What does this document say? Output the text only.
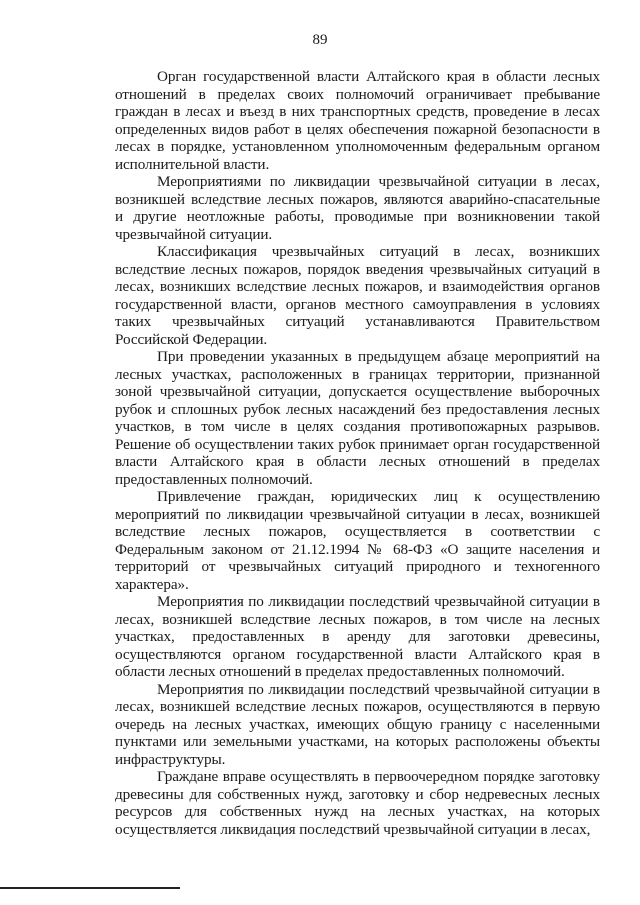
89

Орган государственной власти Алтайского края в области лесных отношений в пределах своих полномочий ограничивает пребывание граждан в лесах и въезд в них транспортных средств, проведение в лесах определенных видов работ в целях обеспечения пожарной безопасности в лесах в порядке, установленном уполномоченным федеральным органом исполнительной власти.

Мероприятиями по ликвидации чрезвычайной ситуации в лесах, возникшей вследствие лесных пожаров, являются аварийно-спасательные и другие неотложные работы, проводимые при возникновении такой чрезвычайной ситуации.

Классификация чрезвычайных ситуаций в лесах, возникших вследствие лесных пожаров, порядок введения чрезвычайных ситуаций в лесах, возникших вследствие лесных пожаров, и взаимодействия органов государственной власти, органов местного самоуправления в условиях таких чрезвычайных ситуаций устанавливаются Правительством Российской Федерации.

При проведении указанных в предыдущем абзаце мероприятий на лесных участках, расположенных в границах территории, признанной зоной чрезвычайной ситуации, допускается осуществление выборочных рубок и сплошных рубок лесных насаждений без предоставления лесных участков, в том числе в целях создания противопожарных разрывов. Решение об осуществлении таких рубок принимает орган государственной власти Алтайского края в области лесных отношений в пределах предоставленных полномочий.

Привлечение граждан, юридических лиц к осуществлению мероприятий по ликвидации чрезвычайной ситуации в лесах, возникшей вследствие лесных пожаров, осуществляется в соответствии с Федеральным законом от 21.12.1994 № 68-ФЗ «О защите населения и территорий от чрезвычайных ситуаций природного и техногенного характера».

Мероприятия по ликвидации последствий чрезвычайной ситуации в лесах, возникшей вследствие лесных пожаров, в том числе на лесных участках, предоставленных в аренду для заготовки древесины, осуществляются органом государственной власти Алтайского края в области лесных отношений в пределах предоставленных полномочий.

Мероприятия по ликвидации последствий чрезвычайной ситуации в лесах, возникшей вследствие лесных пожаров, осуществляются в первую очередь на лесных участках, имеющих общую границу с населенными пунктами или земельными участками, на которых расположены объекты инфраструктуры.

Граждане вправе осуществлять в первоочередном порядке заготовку древесины для собственных нужд, заготовку и сбор недревесных лесных ресурсов для собственных нужд на лесных участках, на которых осуществляется ликвидация последствий чрезвычайной ситуации в лесах,
